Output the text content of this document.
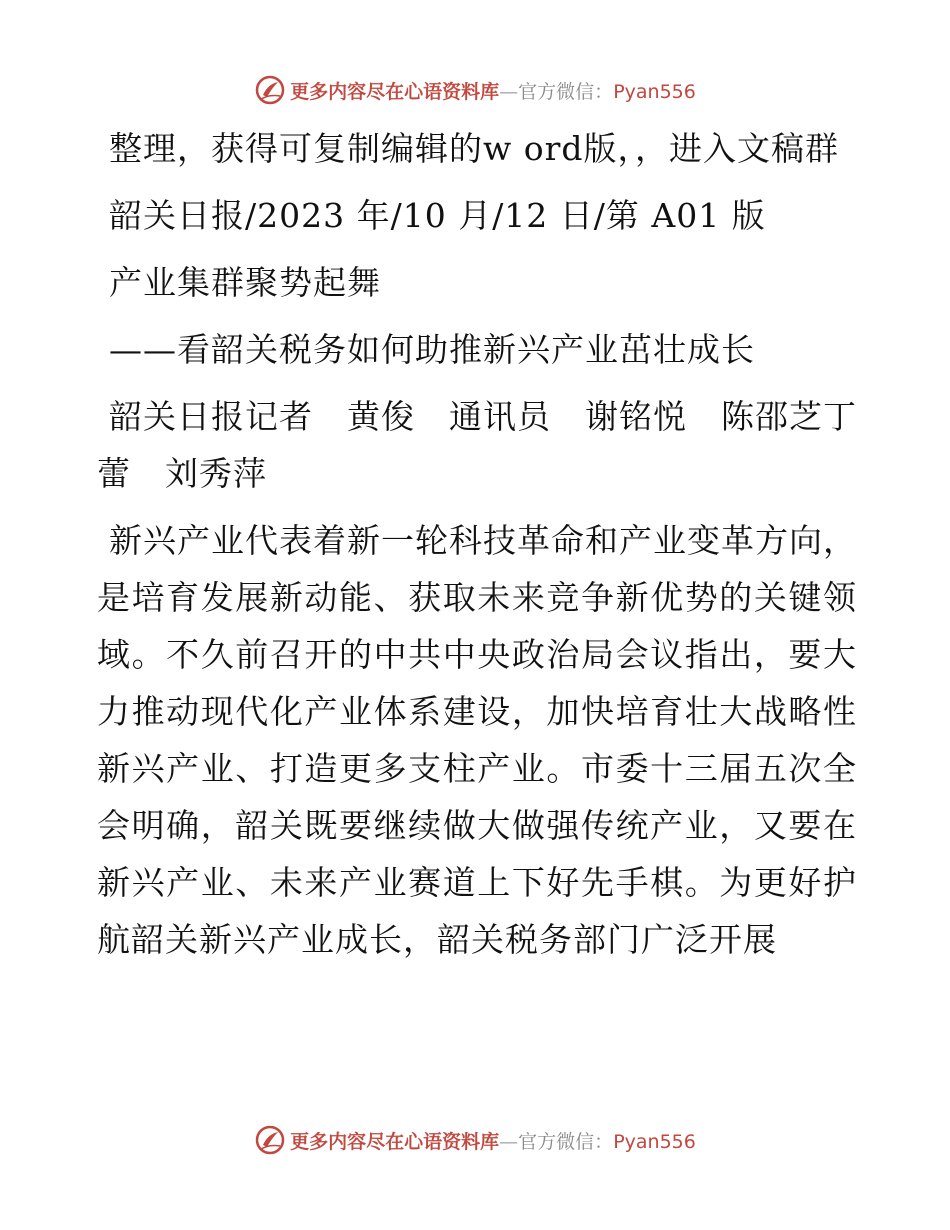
更多内容尽在心语资料库—官方微信：Pyan556

整理，获得可复制编辑的w ord版，，进入文稿群

韶关日报/2023 年/10 月/12 日/第 A01 版

产业集群聚势起舞

——看韶关税务如何助推新兴产业茁壮成长

韶关日报记者 黄俊 通讯员 谢铭悦 陈邵芝丁蕾 刘秀萍

新兴产业代表着新一轮科技革命和产业变革方向，是培育发展新动能、获取未来竞争新优势的关键领域。不久前召开的中共中央政治局会议指出，要大力推动现代化产业体系建设，加快培育壮大战略性新兴产业、打造更多支柱产业。市委十三届五次全会明确，韶关既要继续做大做强传统产业，又要在新兴产业、未来产业赛道上下好先手棋。为更好护航韶关新兴产业成长，韶关税务部门广泛开展

更多内容尽在心语资料库—官方微信：Pyan556
